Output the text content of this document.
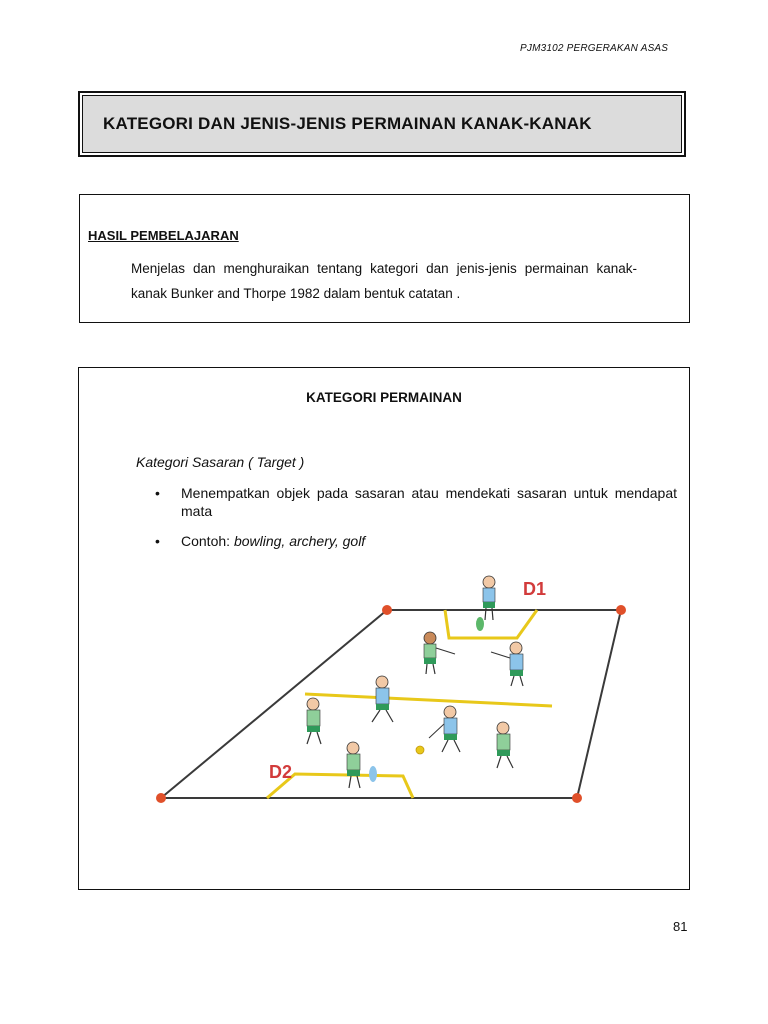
PJM3102 PERGERAKAN ASAS
KATEGORI DAN JENIS-JENIS PERMAINAN KANAK-KANAK
HASIL PEMBELAJARAN
Menjelas dan menghuraikan tentang kategori dan jenis-jenis permainan kanak-kanak Bunker and Thorpe 1982 dalam bentuk catatan .
KATEGORI PERMAINAN
Kategori Sasaran ( Target )
•	Menempatkan objek pada sasaran atau mendekati sasaran untuk mendapat mata
•	Contoh: bowling, archery, golf
D1
D2
81
